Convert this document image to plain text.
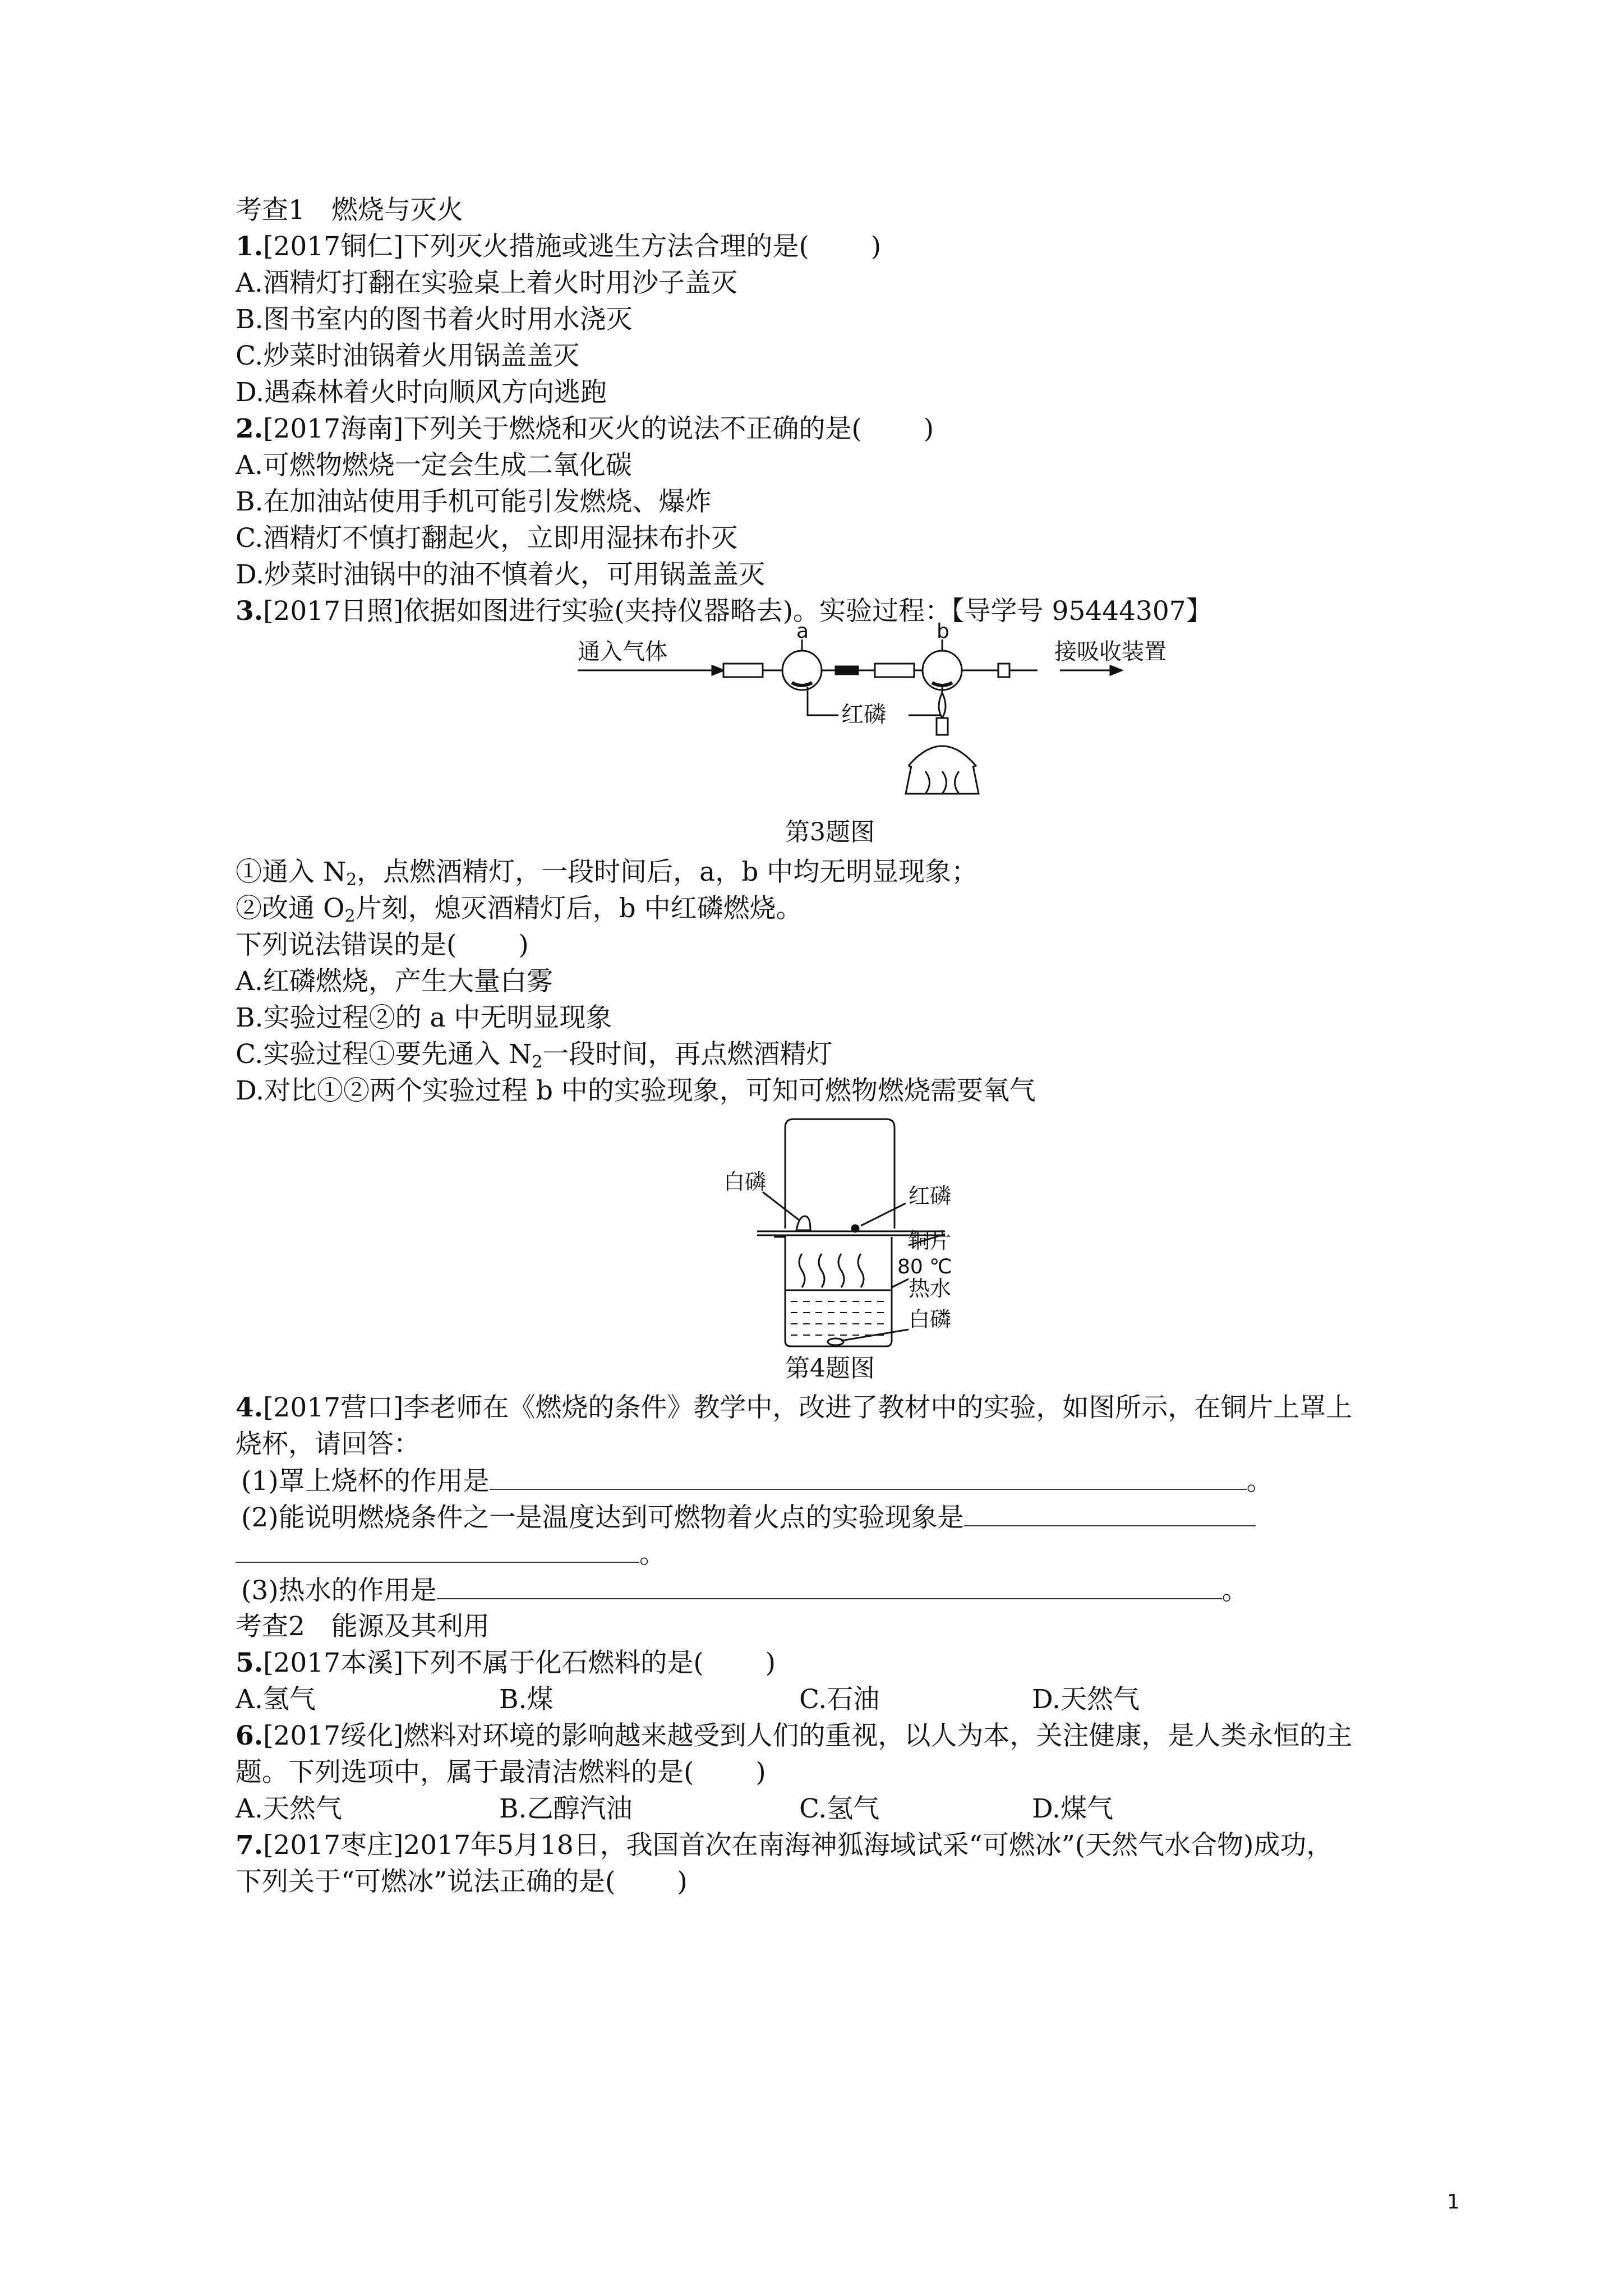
考查1　燃烧与灭火
1.[2017铜仁]下列灭火措施或逃生方法合理的是( )
A.酒精灯打翻在实验桌上着火时用沙子盖灭
B.图书室内的图书着火时用水浇灭
C.炒菜时油锅着火用锅盖盖灭
D.遇森林着火时向顺风方向逃跑
2.[2017海南]下列关于燃烧和灭火的说法不正确的是( )
A.可燃物燃烧一定会生成二氧化碳
B.在加油站使用手机可能引发燃烧、爆炸
C.酒精灯不慎打翻起火，立即用湿抹布扑灭
D.炒菜时油锅中的油不慎着火，可用锅盖盖灭
3.[2017日照]依据如图进行实验(夹持仪器略去)。实验过程：【导学号 95444307】
通入气体	接吸收装置
a	b
红磷
第3题图
①通入 $N_2$，点燃酒精灯，一段时间后，a，b 中均无明显现象；
②改通 $O_2$片刻，熄灭酒精灯后，b 中红磷燃烧。
下列说法错误的是( )
A.红磷燃烧，产生大量白雾
B.实验过程②的 a 中无明显现象
C.实验过程①要先通入 $N_2$一段时间，再点燃酒精灯
D.对比①②两个实验过程 b 中的实验现象，可知可燃物燃烧需要氧气
白磷
红磷
铜片
80 ℃
热水
白磷
第4题图
4.[2017营口]李老师在《燃烧的条件》教学中，改进了教材中的实验，如图所示，在铜片上罩上
烧杯，请回答：
(1)罩上烧杯的作用是	。
(2)能说明燃烧条件之一是温度达到可燃物着火点的实验现象是
。
(3)热水的作用是	。
考查2　能源及其利用
5.[2017本溪]下列不属于化石燃料的是( )
A.氢气	B.煤	C.石油	D.天然气
6.[2017绥化]燃料对环境的影响越来越受到人们的重视，以人为本，关注健康，是人类永恒的主
题。下列选项中，属于最清洁燃料的是( )
A.天然气	B.乙醇汽油	C.氢气	D.煤气
7.[2017枣庄]2017年5月18日，我国首次在南海神狐海域试采“可燃冰”(天然气水合物)成功，
下列关于“可燃冰”说法正确的是( )
1
